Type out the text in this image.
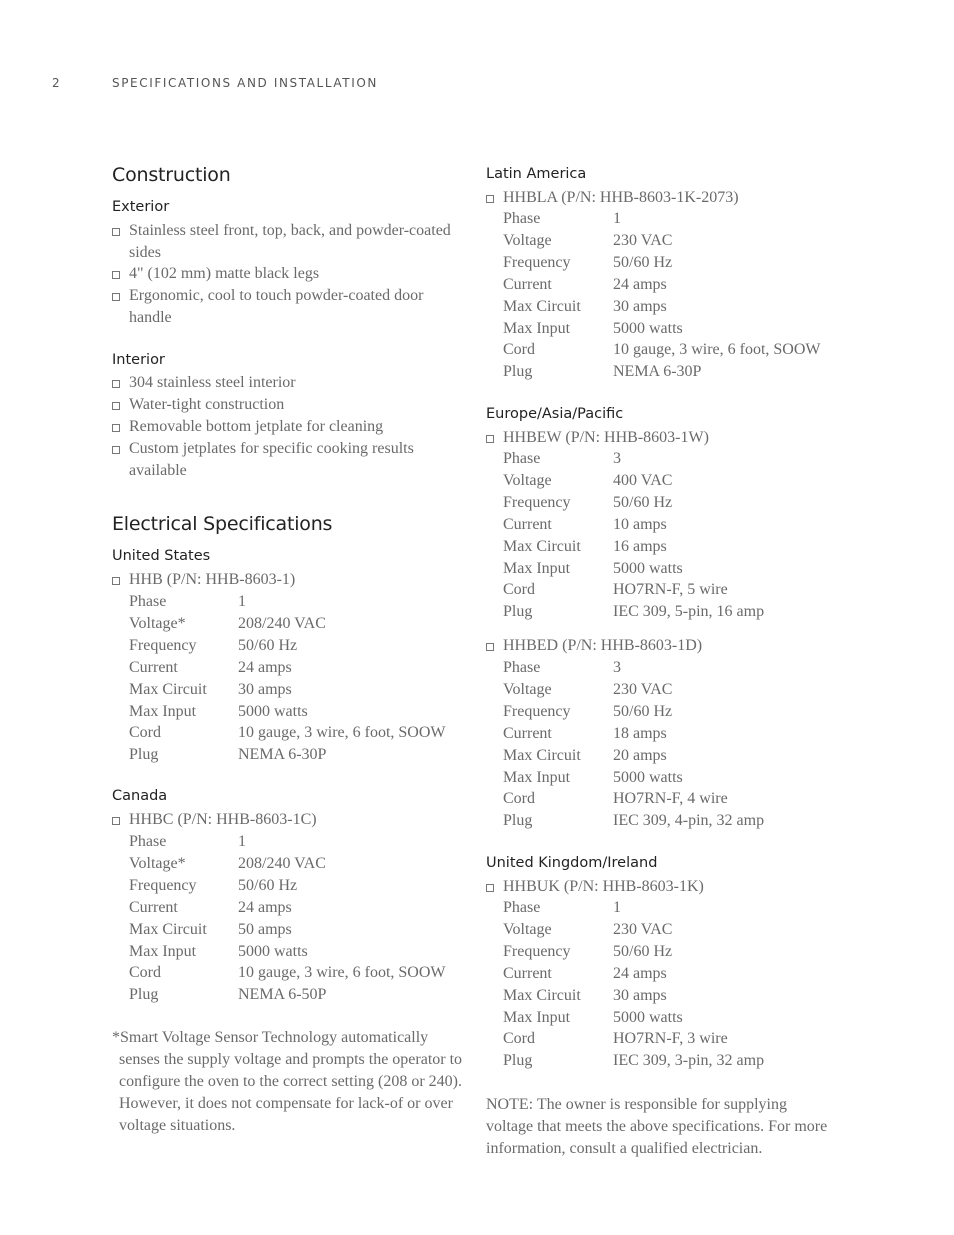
2	SPECIFICATIONS AND INSTALLATION
Construction
Exterior
Stainless steel front, top, back, and powder-coated sides
4" (102 mm) matte black legs
Ergonomic, cool to touch powder-coated door handle
Interior
304 stainless steel interior
Water-tight construction
Removable bottom jetplate for cleaning
Custom jetplates for specific cooking results available
Electrical Specifications
United States
HHB (P/N: HHB-8603-1)
Phase	1
Voltage*	208/240 VAC
Frequency	50/60 Hz
Current	24 amps
Max Circuit 30 amps
Max Input	5000 watts
Cord	10 gauge, 3 wire, 6 foot, SOOW
Plug	NEMA 6-30P
Canada
HHBC (P/N: HHB-8603-1C)
Phase	1
Voltage*	208/240 VAC
Frequency	50/60 Hz
Current	24 amps
Max Circuit 50 amps
Max Input	5000 watts
Cord	10 gauge, 3 wire, 6 foot, SOOW
Plug	NEMA 6-50P
*Smart Voltage Sensor Technology automatically senses the supply voltage and prompts the operator to configure the oven to the correct setting (208 or 240). However, it does not compensate for lack-of or over voltage situations.
Latin America
HHBLA (P/N: HHB-8603-1K-2073)
Phase	1
Voltage	230 VAC
Frequency	50/60 Hz
Current	24 amps
Max Circuit 30 amps
Max Input	5000 watts
Cord	10 gauge, 3 wire, 6 foot, SOOW
Plug	NEMA 6-30P
Europe/Asia/Pacific
HHBEW (P/N: HHB-8603-1W)
Phase	3
Voltage	400 VAC
Frequency	50/60 Hz
Current	10 amps
Max Circuit 16 amps
Max Input	5000 watts
Cord	HO7RN-F, 5 wire
Plug	IEC 309, 5-pin, 16 amp
HHBED (P/N: HHB-8603-1D)
Phase	3
Voltage	230 VAC
Frequency	50/60 Hz
Current	18 amps
Max Circuit 20 amps
Max Input	5000 watts
Cord	HO7RN-F, 4 wire
Plug	IEC 309, 4-pin, 32 amp
United Kingdom/Ireland
HHBUK (P/N: HHB-8603-1K)
Phase	1
Voltage	230 VAC
Frequency	50/60 Hz
Current	24 amps
Max Circuit 30 amps
Max Input	5000 watts
Cord	HO7RN-F, 3 wire
Plug	IEC 309, 3-pin, 32 amp
NOTE: The owner is responsible for supplying voltage that meets the above specifications. For more information, consult a qualified electrician.
